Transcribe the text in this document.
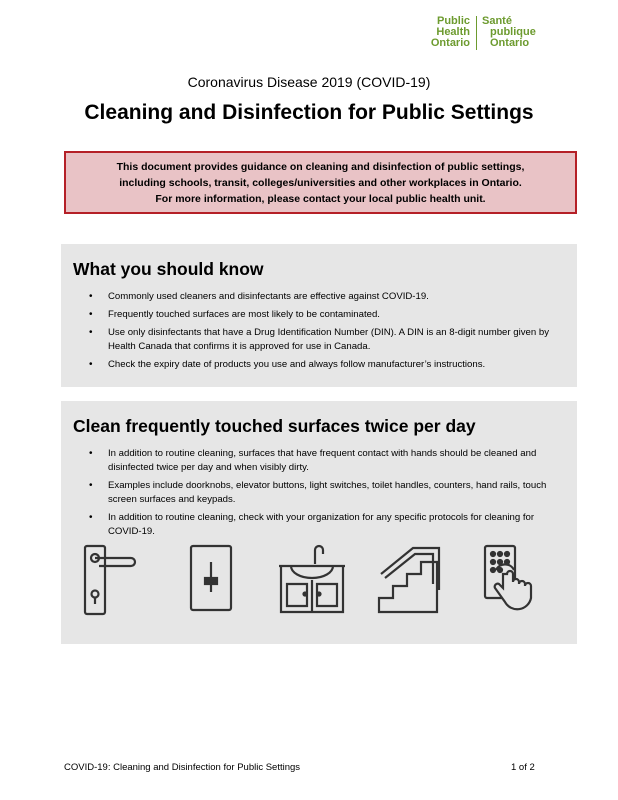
Public
Health
Ontario
Santé
publique
Ontario
Coronavirus Disease 2019 (COVID-19)
Cleaning and Disinfection for Public Settings
This document provides guidance on cleaning and disinfection of public settings,
including schools, transit, colleges/universities and other workplaces in Ontario.
For more information, please contact your local public health unit.
What you should know
• Commonly used cleaners and disinfectants are effective against COVID-19.
• Frequently touched surfaces are most likely to be contaminated.
• Use only disinfectants that have a Drug Identification Number (DIN). A DIN is an 8-digit number given by Health Canada that confirms it is approved for use in Canada.
• Check the expiry date of products you use and always follow manufacturer’s instructions.
Clean frequently touched surfaces twice per day
• In addition to routine cleaning, surfaces that have frequent contact with hands should be cleaned and disinfected twice per day and when visibly dirty.
• Examples include doorknobs, elevator buttons, light switches, toilet handles, counters, hand rails, touch screen surfaces and keypads.
• In addition to routine cleaning, check with your organization for any specific protocols for cleaning for COVID-19.
COVID-19: Cleaning and Disinfection for Public Settings	1 of 2
